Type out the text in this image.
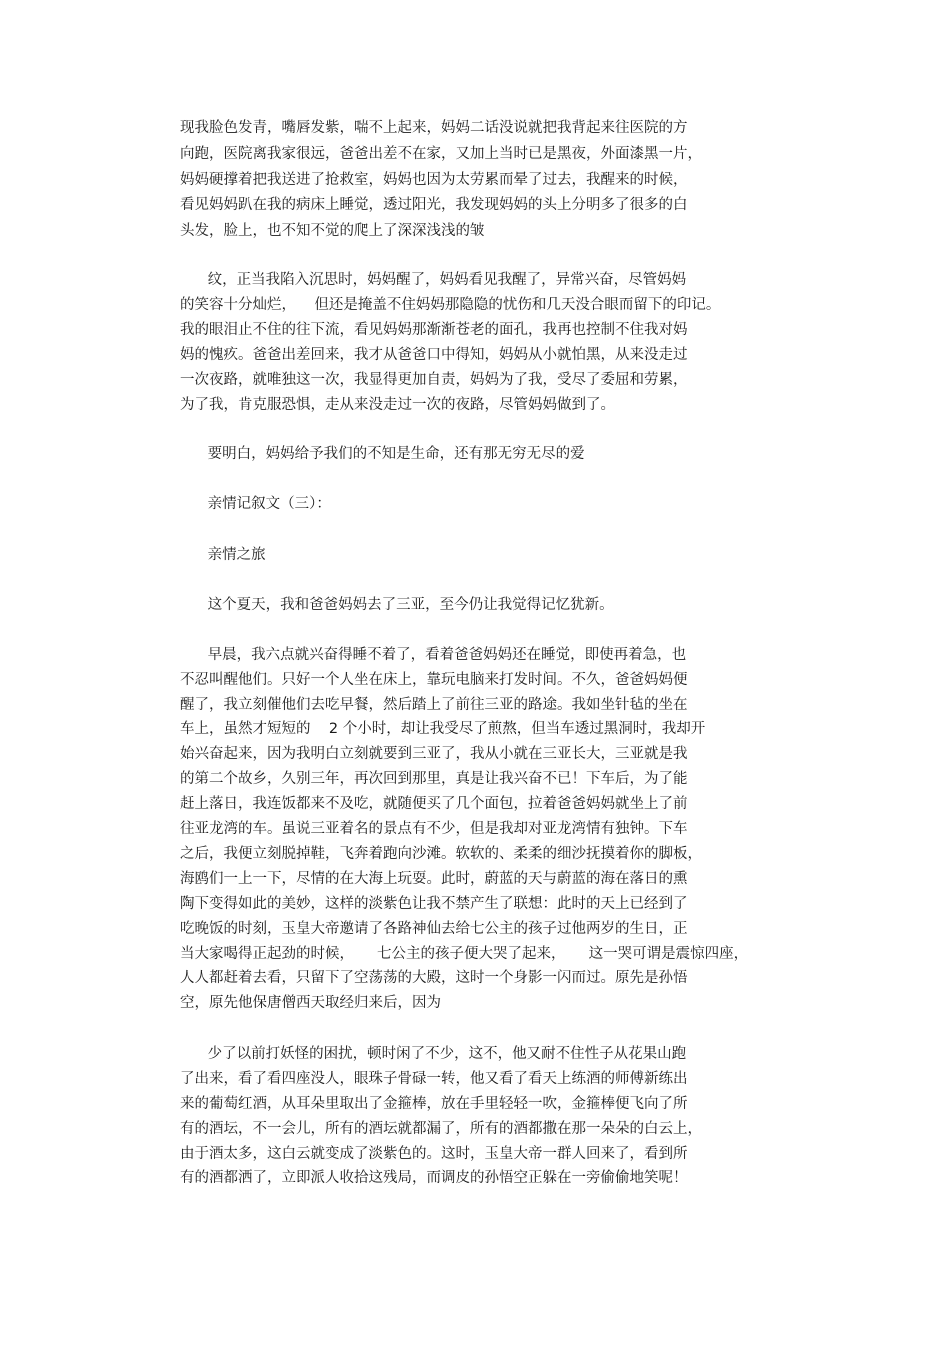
现我脸色发青，嘴唇发紫，喘不上起来，妈妈二话没说就把我背起来往医院的方
向跑，医院离我家很远，爸爸出差不在家，又加上当时已是黑夜，外面漆黑一片，
妈妈硬撑着把我送进了抢救室，妈妈也因为太劳累而晕了过去，我醒来的时候，
看见妈妈趴在我的病床上睡觉，透过阳光，我发现妈妈的头上分明多了很多的白
头发，脸上，也不知不觉的爬上了深深浅浅的皱
纹，正当我陷入沉思时，妈妈醒了，妈妈看见我醒了，异常兴奋，尽管妈妈
的笑容十分灿烂，    但还是掩盖不住妈妈那隐隐的忧伤和几天没合眼而留下的印记。
我的眼泪止不住的往下流，看见妈妈那渐渐苍老的面孔，我再也控制不住我对妈
妈的愧疚。爸爸出差回来，我才从爸爸口中得知，妈妈从小就怕黑，从来没走过
一次夜路，就唯独这一次，我显得更加自责，妈妈为了我，受尽了委屈和劳累，
为了我，肯克服恐惧，走从来没走过一次的夜路，尽管妈妈做到了。
要明白，妈妈给予我们的不知是生命，还有那无穷无尽的爱
亲情记叙文（三）：
亲情之旅
这个夏天，我和爸爸妈妈去了三亚，至今仍让我觉得记忆犹新。
早晨，我六点就兴奋得睡不着了，看着爸爸妈妈还在睡觉，即使再着急，也
不忍叫醒他们。只好一个人坐在床上，靠玩电脑来打发时间。不久，爸爸妈妈便
醒了，我立刻催他们去吃早餐，然后踏上了前往三亚的路途。我如坐针毡的坐在
车上，虽然才短短的    2 个小时，却让我受尽了煎熬，但当车透过黑洞时，我却开
始兴奋起来，因为我明白立刻就要到三亚了，我从小就在三亚长大，三亚就是我
的第二个故乡，久别三年，再次回到那里，真是让我兴奋不已！下车后，为了能
赶上落日，我连饭都来不及吃，就随便买了几个面包，拉着爸爸妈妈就坐上了前
往亚龙湾的车。虽说三亚着名的景点有不少，但是我却对亚龙湾情有独钟。下车
之后，我便立刻脱掉鞋，飞奔着跑向沙滩。软软的、柔柔的细沙抚摸着你的脚板，
海鸥们一上一下，尽情的在大海上玩耍。此时，蔚蓝的天与蔚蓝的海在落日的熏
陶下变得如此的美妙，这样的淡紫色让我不禁产生了联想：此时的天上已经到了
吃晚饭的时刻，玉皇大帝邀请了各路神仙去给七公主的孩子过他两岁的生日，正
当大家喝得正起劲的时候，     七公主的孩子便大哭了起来，     这一哭可谓是震惊四座，
人人都赶着去看，只留下了空荡荡的大殿，这时一个身影一闪而过。原先是孙悟
空，原先他保唐僧西天取经归来后，因为
少了以前打妖怪的困扰，顿时闲了不少，这不，他又耐不住性子从花果山跑
了出来，看了看四座没人，眼珠子骨碌一转，他又看了看天上练酒的师傅新练出
来的葡萄红酒，从耳朵里取出了金箍棒，放在手里轻轻一吹，金箍棒便飞向了所
有的酒坛，不一会儿，所有的酒坛就都漏了，所有的酒都撒在那一朵朵的白云上，
由于酒太多，这白云就变成了淡紫色的。这时，玉皇大帝一群人回来了，看到所
有的酒都洒了，立即派人收拾这残局，而调皮的孙悟空正躲在一旁偷偷地笑呢！
